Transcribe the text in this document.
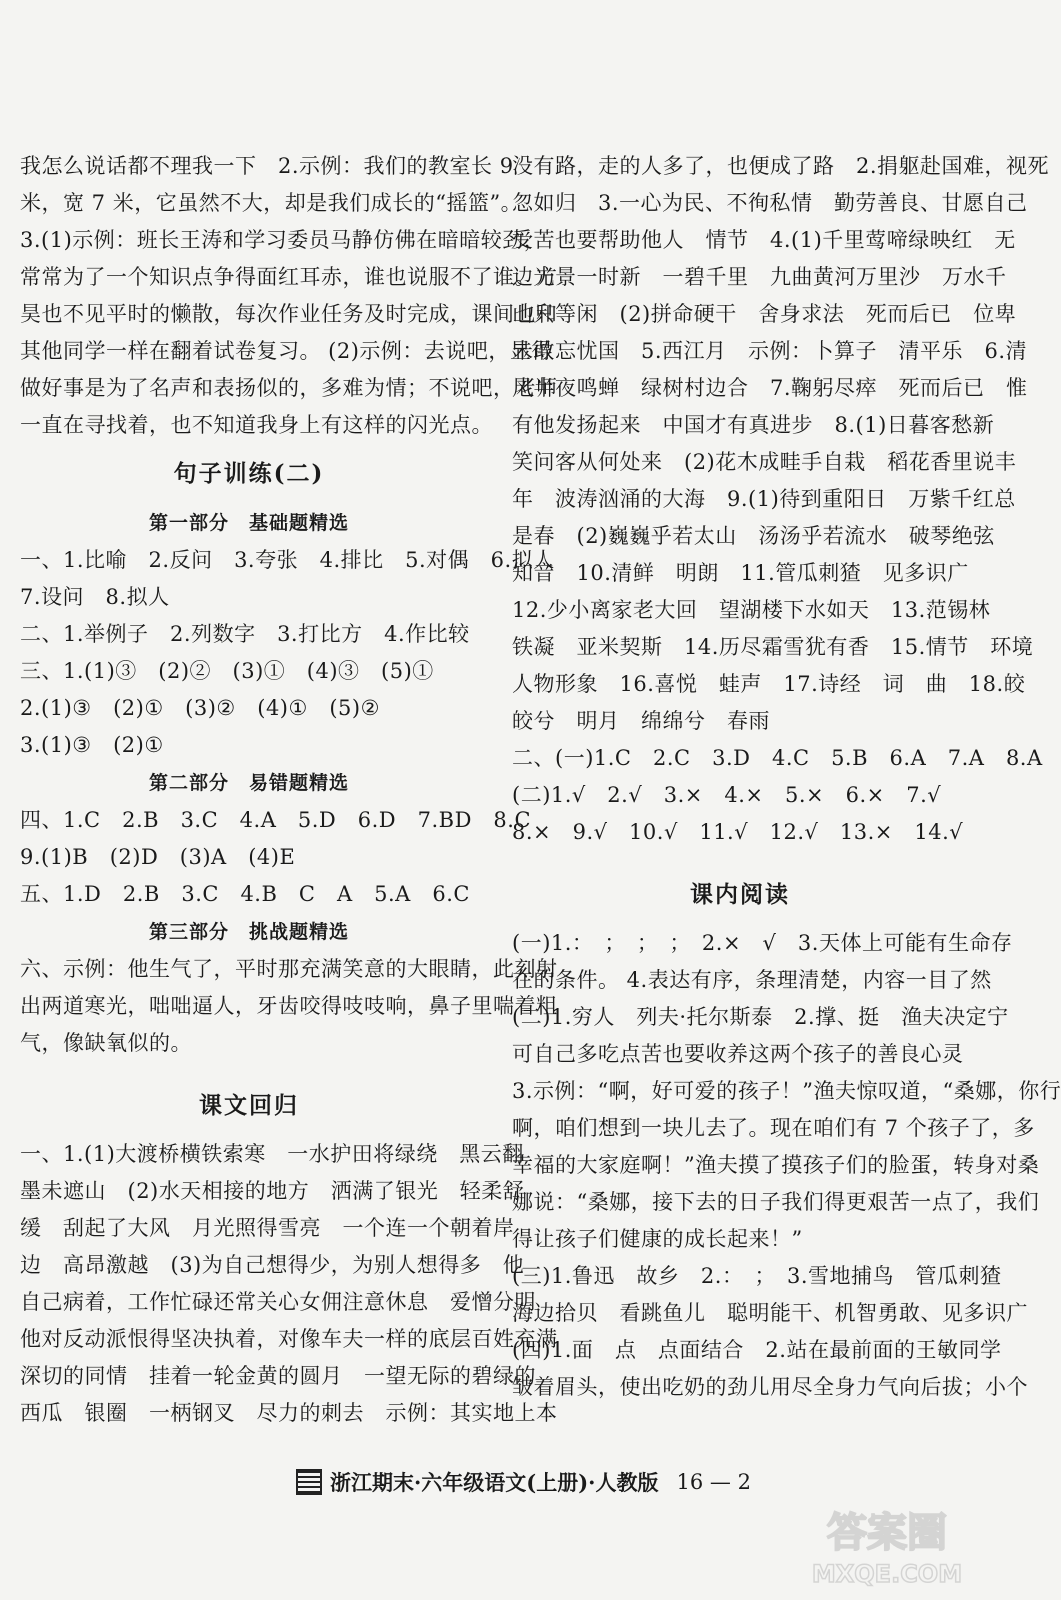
我怎么说话都不理我一下　2.示例：我们的教室长 9
米，宽 7 米，它虽然不大，却是我们成长的“摇篮”。
3.(1)示例：班长王涛和学习委员马静仿佛在暗暗较劲，
常常为了一个知识点争得面红耳赤，谁也说服不了谁。方
昊也不见平时的懒散，每次作业任务及时完成，课间也和
其他同学一样在翻着试卷复习。 (2)示例：去说吧，显得
做好事是为了名声和表扬似的，多难为情；不说吧，老师
一直在寻找着，也不知道我身上有这样的闪光点。
句子训练(二)
第一部分　基础题精选
一、1.比喻　2.反问　3.夸张　4.排比　5.对偶　6.拟人
7.设问　8.拟人
二、1.举例子　2.列数字　3.打比方　4.作比较
三、1.(1)③　(2)②　(3)①　(4)③　(5)①
2.(1)③　(2)①　(3)②　(4)①　(5)②
3.(1)③　(2)①
第二部分　易错题精选
四、1.C　2.B　3.C　4.A　5.D　6.D　7.BD　8.C
9.(1)B　(2)D　(3)A　(4)E
五、1.D　2.B　3.C　4.B　C　A　5.A　6.C
第三部分　挑战题精选
六、示例：他生气了，平时那充满笑意的大眼睛，此刻射
出两道寒光，咄咄逼人，牙齿咬得吱吱响，鼻子里喘着粗
气，像缺氧似的。
课文回归
一、1.(1)大渡桥横铁索寒　一水护田将绿绕　黑云翻
墨未遮山　(2)水天相接的地方　洒满了银光　轻柔舒
缓　刮起了大风　月光照得雪亮　一个连一个朝着岸
边　高昂激越　(3)为自己想得少，为别人想得多　他
自己病着，工作忙碌还常关心女佣注意休息　爱憎分明
他对反动派恨得坚决执着，对像车夫一样的底层百姓充满
深切的同情　挂着一轮金黄的圆月　一望无际的碧绿的
西瓜　银圈　一柄钢叉　尽力的刺去　示例：其实地上本
没有路，走的人多了，也便成了路　2.捐躯赴国难，视死
忽如归　3.一心为民、不徇私情　勤劳善良、甘愿自己
受苦也要帮助他人　情节　4.(1)千里莺啼绿映红　无
边光景一时新　一碧千里　九曲黄河万里沙　万水千
山只等闲　(2)拼命硬干　舍身求法　死而后已　位卑
未敢忘忧国　5.西江月　示例：卜算子　清平乐　6.清
风半夜鸣蝉　绿树村边合　7.鞠躬尽瘁　死而后已　惟
有他发扬起来　中国才有真进步　8.(1)日暮客愁新
笑问客从何处来　(2)花木成畦手自栽　稻花香里说丰
年　波涛汹涌的大海　9.(1)待到重阳日　万紫千红总
是春　(2)巍巍乎若太山　汤汤乎若流水　破琴绝弦
知音　10.清鲜　明朗　11.管瓜刺猹　见多识广
12.少小离家老大回　望湖楼下水如天　13.范锡林
铁凝　亚米契斯　14.历尽霜雪犹有香　15.情节　环境
人物形象　16.喜悦　蛙声　17.诗经　词　曲　18.皎
皎兮　明月　绵绵兮　春雨
二、(一)1.C　2.C　3.D　4.C　5.B　6.A　7.A　8.A
(二)1.√　2.√　3.×　4.×　5.×　6.×　7.√
8.×　9.√　10.√　11.√　12.√　13.×　14.√
课内阅读
(一)1.：　；　；　；　2.×　√　3.天体上可能有生命存
在的条件。 4.表达有序，条理清楚，内容一目了然
(二)1.穷人　列夫·托尔斯泰　2.撑、挺　渔夫决定宁
可自己多吃点苦也要收养这两个孩子的善良心灵
3.示例：“啊，好可爱的孩子！”渔夫惊叹道，“桑娜，你行
啊，咱们想到一块儿去了。现在咱们有 7 个孩子了，多
幸福的大家庭啊！”渔夫摸了摸孩子们的脸蛋，转身对桑
娜说：“桑娜，接下去的日子我们得更艰苦一点了，我们
得让孩子们健康的成长起来！”
(三)1.鲁迅　故乡　2.：　；　3.雪地捕鸟　管瓜刺猹
海边拾贝　看跳鱼儿　聪明能干、机智勇敢、见多识广
(四)1.面　点　点面结合　2.站在最前面的王敏同学
皱着眉头，使出吃奶的劲儿用尽全身力气向后拔；小个
浙江期末·六年级语文(上册)·人教版 16 — 2
答案圈
MXQE.COM
